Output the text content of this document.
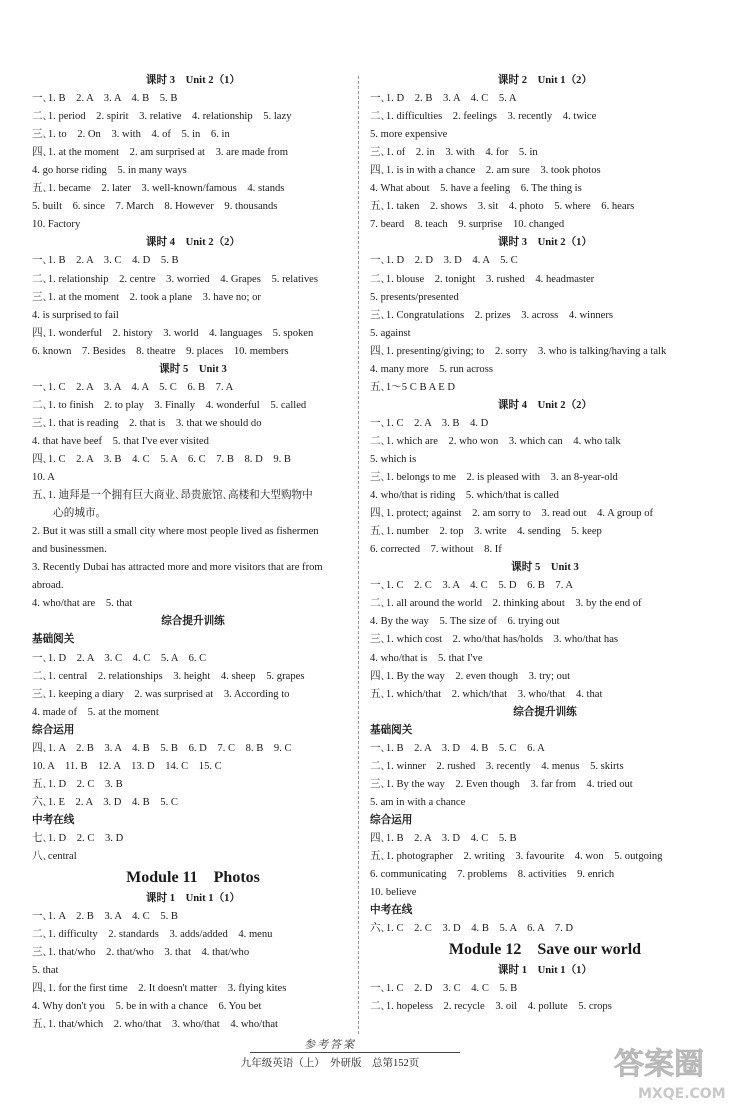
课时 3　Unit 2（1）
一､1. B　2. A　3. A　4. B　5. B
二､1. period　2. spirit　3. relative　4. relationship　5. lazy
三､1. to　2. On　3. with　4. of　5. in　6. in
四､1. at the moment　2. am surprised at　3. are made from
4. go horse riding　5. in many ways
五､1. became　2. later　3. well-known/famous　4. stands
5. built　6. since　7. March　8. However　9. thousands
10. Factory
课时 4　Unit 2（2）
一､1. B　2. A　3. C　4. D　5. B
二､1. relationship　2. centre　3. worried　4. Grapes　5. relatives
三､1. at the moment　2. took a plane　3. have no; or
4. is surprised to fail
四､1. wonderful　2. history　3. world　4. languages　5. spoken
6. known　7. Besides　8. theatre　9. places　10. members
课时 5　Unit 3
一､1. C　2. A　3. A　4. A　5. C　6. B　7. A
二､1. to finish　2. to play　3. Finally　4. wonderful　5. called
三､1. that is reading　2. that is　3. that we should do
4. that have beef　5. that I've ever visited
四､1. C　2. A　3. B　4. C　5. A　6. C　7. B　8. D　9. B
10. A
五､1. 迪拜是一个拥有巨大商业､昂贵旅馆､高楼和大型购物中
　　心的城市｡
2. But it was still a small city where most people lived as fishermen
and businessmen.
3. Recently Dubai has attracted more and more visitors that are from
abroad.
4. who/that are　5. that
综合提升训练
基础阅关
一､1. D　2. A　3. C　4. C　5. A　6. C
二､1. central　2. relationships　3. height　4. sheep　5. grapes
三､1. keeping a diary　2. was surprised at　3. According to
4. made of　5. at the moment
综合运用
四､1. A　2. B　3. A　4. B　5. B　6. D　7. C　8. B　9. C
10. A　11. B　12. A　13. D　14. C　15. C
五､1. D　2. C　3. B
六､1. E　2. A　3. D　4. B　5. C
中考在线
七､1. D　2. C　3. D
八､central
Module 11　Photos
课时 1　Unit 1（1）
一､1. A　2. B　3. A　4. C　5. B
二､1. difficulty　2. standards　3. adds/added　4. menu
三､1. that/who　2. that/who　3. that　4. that/who
5. that
四､1. for the first time　2. It doesn't matter　3. flying kites
4. Why don't you　5. be in with a chance　6. You bet
五､1. that/which　2. who/that　3. who/that　4. who/that
课时 2　Unit 1（2）
一､1. D　2. B　3. A　4. C　5. A
二､1. difficulties　2. feelings　3. recently　4. twice
5. more expensive
三､1. of　2. in　3. with　4. for　5. in
四､1. is in with a chance　2. am sure　3. took photos
4. What about　5. have a feeling　6. The thing is
五､1. taken　2. shows　3. sit　4. photo　5. where　6. hears
7. beard　8. teach　9. surprise　10. changed
课时 3　Unit 2（1）
一､1. D　2. D　3. D　4. A　5. C
二､1. blouse　2. tonight　3. rushed　4. headmaster
5. presents/presented
三､1. Congratulations　2. prizes　3. across　4. winners
5. against
四､1. presenting/giving; to　2. sorry　3. who is talking/having a talk
4. many more　5. run across
五､1～5 C B A E D
课时 4　Unit 2（2）
一､1. C　2. A　3. B　4. D
二､1. which are　2. who won　3. which can　4. who talk
5. which is
三､1. belongs to me　2. is pleased with　3. an 8-year-old
4. who/that is riding　5. which/that is called
四､1. protect; against　2. am sorry to　3. read out　4. A group of
五､1. number　2. top　3. write　4. sending　5. keep
6. corrected　7. without　8. If
课时 5　Unit 3
一､1. C　2. C　3. A　4. C　5. D　6. B　7. A
二､1. all around the world　2. thinking about　3. by the end of
4. By the way　5. The size of　6. trying out
三､1. which cost　2. who/that has/holds　3. who/that has
4. who/that is　5. that I've
四､1. By the way　2. even though　3. try; out
五､1. which/that　2. which/that　3. who/that　4. that
综合提升训练
基础阅关
一､1. B　2. A　3. D　4. B　5. C　6. A
二､1. winner　2. rushed　3. recently　4. menus　5. skirts
三､1. By the way　2. Even though　3. far from　4. tried out
5. am in with a chance
综合运用
四､1. B　2. A　3. D　4. C　5. B
五､1. photographer　2. writing　3. favourite　4. won　5. outgoing
6. communicating　7. problems　8. activities　9. enrich
10. believe
中考在线
六､1. C　2. C　3. D　4. B　5. A　6. A　7. D
Module 12　Save our world
课时 1　Unit 1（1）
一､1. C　2. D　3. C　4. C　5. B
二､1. hopeless　2. recycle　3. oil　4. pollute　5. crops
参考答案
九年级英语（上）　外研版　总第152页	答案圈
MXQE.COM
